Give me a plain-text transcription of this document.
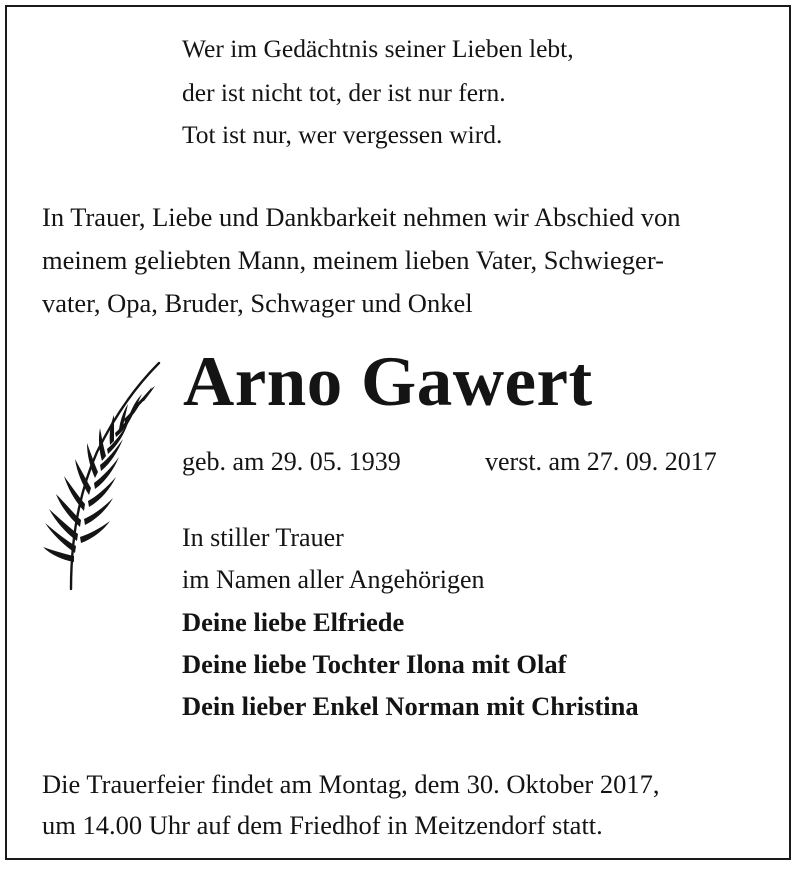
Wer im Gedächtnis seiner Lieben lebt,
der ist nicht tot, der ist nur fern.
Tot ist nur, wer vergessen wird.
In Trauer, Liebe und Dankbarkeit nehmen wir Abschied von
meinem geliebten Mann, meinem lieben Vater, Schwieger-
vater, Opa, Bruder, Schwager und Onkel
Arno Gawert
geb. am 29. 05. 1939	verst. am 27. 09. 2017
In stiller Trauer
im Namen aller Angehörigen
Deine liebe Elfriede
Deine liebe Tochter Ilona mit Olaf
Dein lieber Enkel Norman mit Christina
Die Trauerfeier findet am Montag, dem 30. Oktober 2017,
um 14.00 Uhr auf dem Friedhof in Meitzendorf statt.
